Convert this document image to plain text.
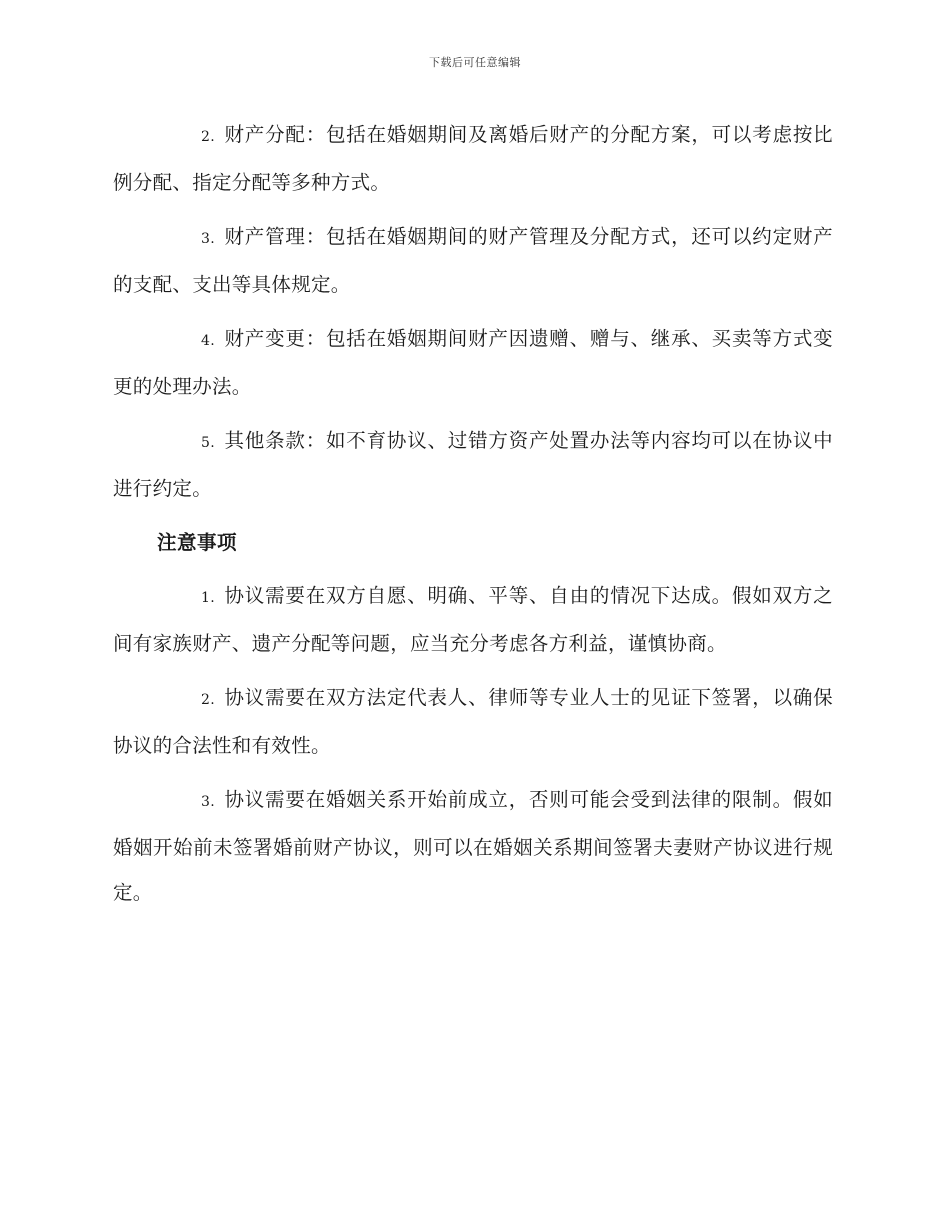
下载后可任意编辑

2. 财产分配：包括在婚姻期间及离婚后财产的分配方案，可以考虑按比例分配、指定分配等多种方式。

3. 财产管理：包括在婚姻期间的财产管理及分配方式，还可以约定财产的支配、支出等具体规定。

4. 财产变更：包括在婚姻期间财产因遗赠、赠与、继承、买卖等方式变更的处理办法。

5. 其他条款：如不育协议、过错方资产处置办法等内容均可以在协议中进行约定。

注意事项

1. 协议需要在双方自愿、明确、平等、自由的情况下达成。假如双方之间有家族财产、遗产分配等问题，应当充分考虑各方利益，谨慎协商。

2. 协议需要在双方法定代表人、律师等专业人士的见证下签署，以确保协议的合法性和有效性。

3. 协议需要在婚姻关系开始前成立，否则可能会受到法律的限制。假如婚姻开始前未签署婚前财产协议，则可以在婚姻关系期间签署夫妻财产协议进行规定。
